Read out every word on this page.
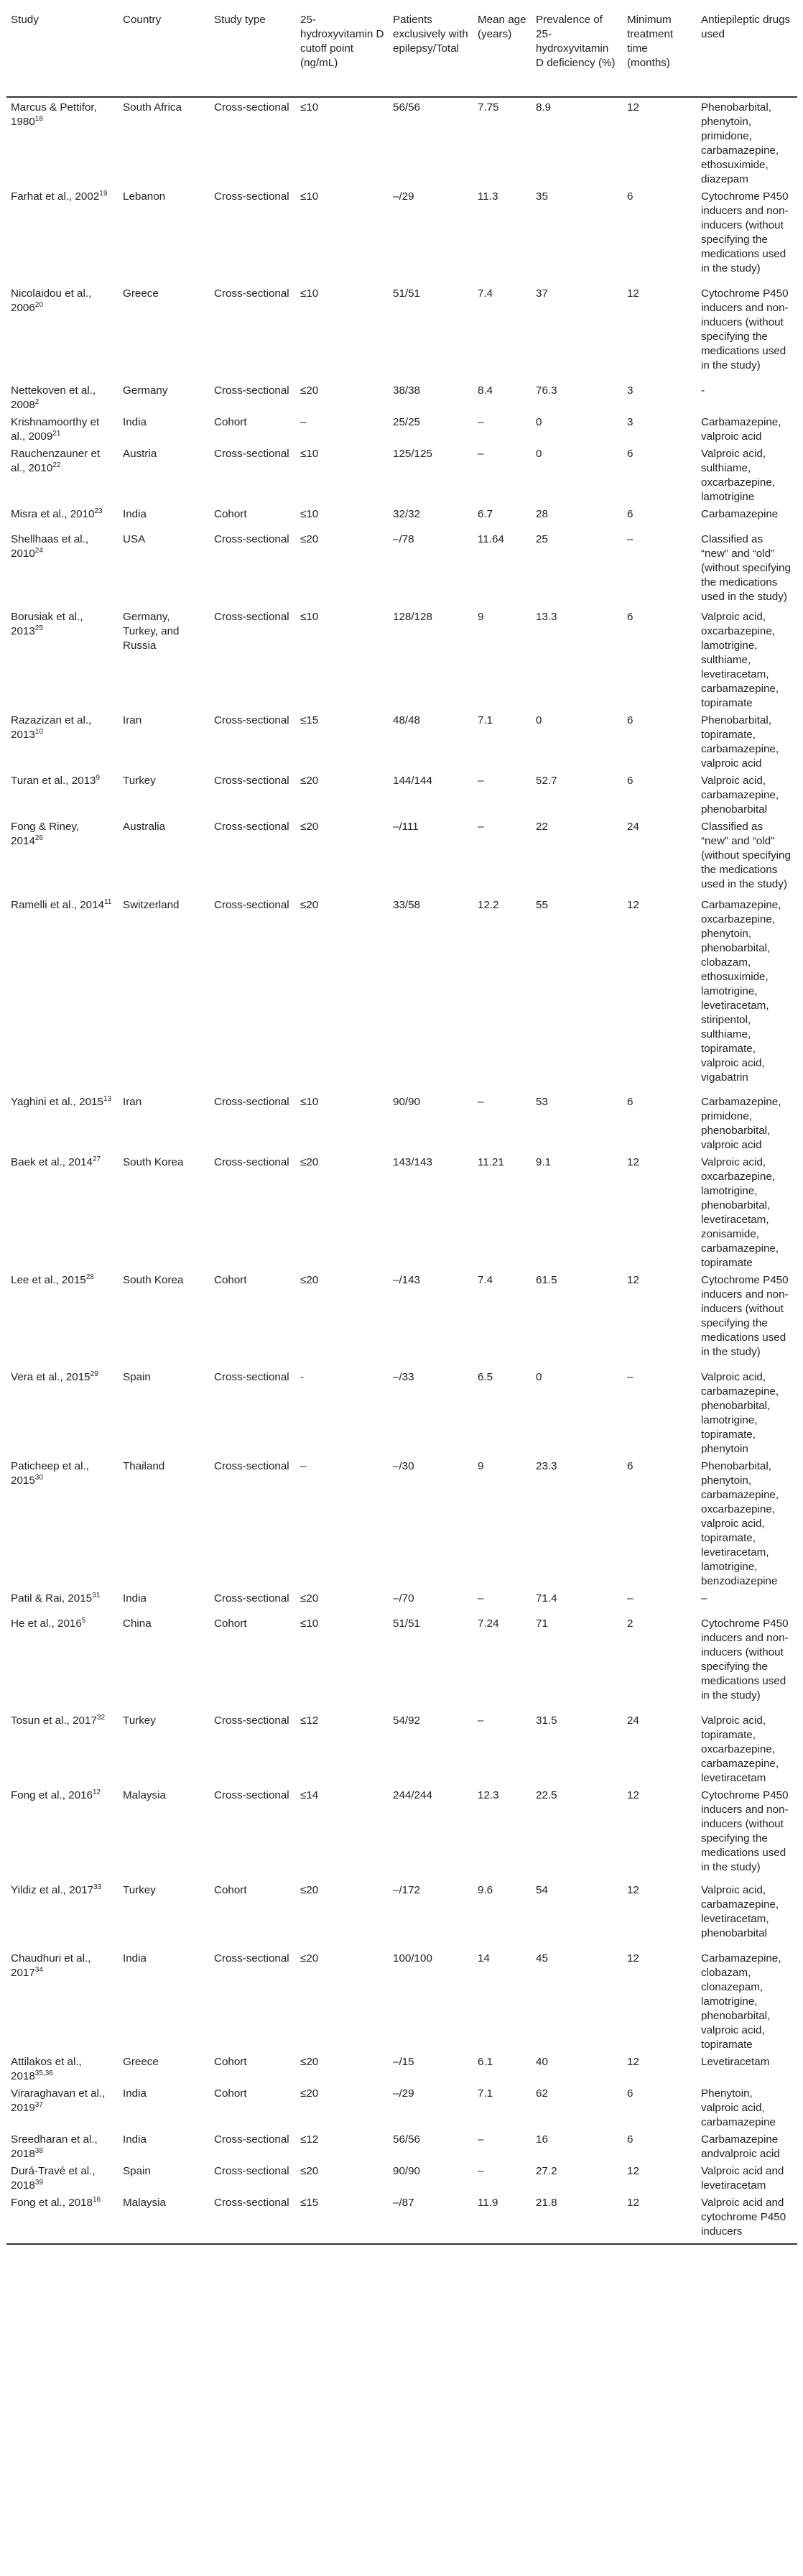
Study	Country	Study type	25-hydroxyvitamin D cutoff point (ng/mL)	Patients exclusively with epilepsy/Total	Mean age (years)	Prevalence of 25-hydroxyvitamin D deficiency (%)	Minimum treatment time (months)	Antiepileptic drugs used
Marcus & Pettifor, 1980$^{18}$	South Africa	Cross-sectional	≤10	56/56	7.75	8.9	12	Phenobarbital, phenytoin, primidone, carbamazepine, ethosuximide, diazepam
Farhat et al., 2002$^{19}$	Lebanon	Cross-sectional	≤10	–/29	11.3	35	6	Cytochrome P450 inducers and non-inducers (without specifying the medications used in the study)
Nicolaidou et al., 2006$^{20}$	Greece	Cross-sectional	≤10	51/51	7.4	37	12	Cytochrome P450 inducers and non-inducers (without specifying the medications used in the study)
Nettekoven et al., 2008$^2$	Germany	Cross-sectional	≤20	38/38	8.4	76.3	3	-
Krishnamoorthy et al., 2009$^{21}$	India	Cohort	–	25/25	–	0	3	Carbamazepine, valproic acid
Rauchenzauner et al., 2010$^{22}$	Austria	Cross-sectional	≤10	125/125	–	0	6	Valproic acid, sulthiame, oxcarbazepine, lamotrigine
Misra et al., 2010$^{23}$	India	Cohort	≤10	32/32	6.7	28	6	Carbamazepine
Shellhaas et al., 2010$^{24}$	USA	Cross-sectional	≤20	–/78	11.64	25	–	Classified as “new” and “old” (without specifying the medications used in the study)
Borusiak et al., 2013$^{25}$	Germany, Turkey, and Russia	Cross-sectional	≤10	128/128	9	13.3	6	Valproic acid, oxcarbazepine, lamotrigine, sulthiame, levetiracetam, carbamazepine, topiramate
Razazizan et al., 2013$^{10}$	Iran	Cross-sectional	≤15	48/48	7.1	0	6	Phenobarbital, topiramate, carbamazepine, valproic acid
Turan et al., 2013$^9$	Turkey	Cross-sectional	≤20	144/144	–	52.7	6	Valproic acid, carbamazepine, phenobarbital
Fong & Riney, 2014$^{26}$	Australia	Cross-sectional	≤20	–/111	–	22	24	Classified as “new” and “old” (without specifying the medications used in the study)
Ramelli et al., 2014$^{11}$	Switzerland	Cross-sectional	≤20	33/58	12.2	55	12	Carbamazepine, oxcarbazepine, phenytoin, phenobarbital, clobazam, ethosuximide, lamotrigine, levetiracetam, stiripentol, sulthiame, topiramate, valproic acid, vigabatrin
Yaghini et al., 2015$^{13}$	Iran	Cross-sectional	≤10	90/90	–	53	6	Carbamazepine, primidone, phenobarbital, valproic acid
Baek et al., 2014$^{27}$	South Korea	Cross-sectional	≤20	143/143	11.21	9.1	12	Valproic acid, oxcarbazepine, lamotrigine, phenobarbital, levetiracetam, zonisamide, carbamazepine, topiramate
Lee et al., 2015$^{28}$	South Korea	Cohort	≤20	–/143	7.4	61.5	12	Cytochrome P450 inducers and non-inducers (without specifying the medications used in the study)
Vera et al., 2015$^{29}$	Spain	Cross-sectional	-	–/33	6.5	0	–	Valproic acid, carbamazepine, phenobarbital, lamotrigine, topiramate, phenytoin
Paticheep et al., 2015$^{30}$	Thailand	Cross-sectional	–	–/30	9	23.3	6	Phenobarbital, phenytoin, carbamazepine, oxcarbazepine, valproic acid, topiramate, levetiracetam, lamotrigine, benzodiazepine
Patil & Rai, 2015$^{31}$	India	Cross-sectional	≤20	–/70	–	71.4	–	–
He et al., 2016$^5$	China	Cohort	≤10	51/51	7.24	71	2	Cytochrome P450 inducers and non-inducers (without specifying the medications used in the study)
Tosun et al., 2017$^{32}$	Turkey	Cross-sectional	≤12	54/92	–	31.5	24	Valproic acid, topiramate, oxcarbazepine, carbamazepine, levetiracetam
Fong et al., 2016$^{12}$	Malaysia	Cross-sectional	≤14	244/244	12.3	22.5	12	Cytochrome P450 inducers and non-inducers (without specifying the medications used in the study)
Yildiz et al., 2017$^{33}$	Turkey	Cohort	≤20	–/172	9.6	54	12	Valproic acid, carbamazepine, levetiracetam, phenobarbital
Chaudhuri et al., 2017$^{34}$	India	Cross-sectional	≤20	100/100	14	45	12	Carbamazepine, clobazam, clonazepam, lamotrigine, phenobarbital, valproic acid, topiramate
Attilakos et al., 2018$^{35,36}$	Greece	Cohort	≤20	–/15	6.1	40	12	Levetiracetam
Viraraghavan et al., 2019$^{37}$	India	Cohort	≤20	–/29	7.1	62	6	Phenytoin, valproic acid, carbamazepine
Sreedharan et al., 2018$^{38}$	India	Cross-sectional	≤12	56/56	–	16	6	Carbamazepine andvalproic acid
Durá-Travé et al., 2018$^{39}$	Spain	Cross-sectional	≤20	90/90	–	27.2	12	Valproic acid and levetiracetam
Fong et al., 2018$^{16}$	Malaysia	Cross-sectional	≤15	–/87	11.9	21.8	12	Valproic acid and cytochrome P450 inducers
